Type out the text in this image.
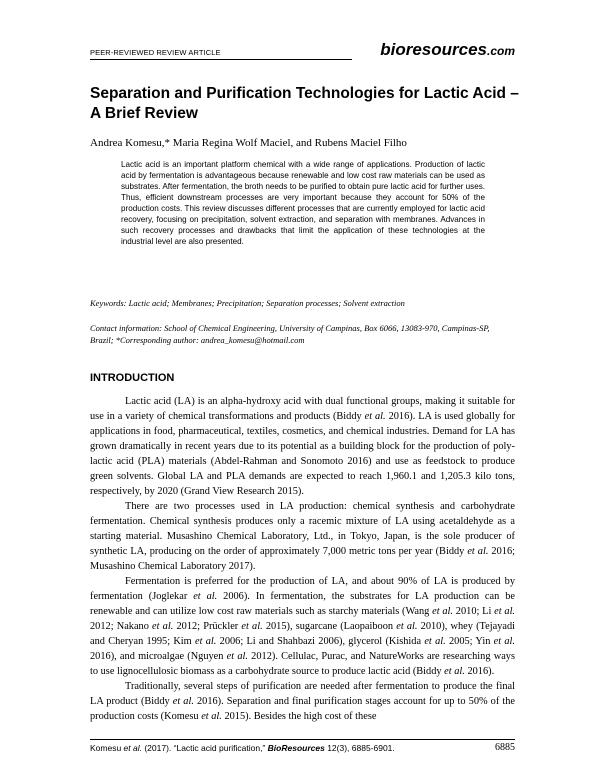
PEER-REVIEWED REVIEW ARTICLE	bioresources.com
Separation and Purification Technologies for Lactic Acid – A Brief Review

Andrea Komesu,* Maria Regina Wolf Maciel, and Rubens Maciel Filho

Lactic acid is an important platform chemical with a wide range of applications. Production of lactic acid by fermentation is advantageous because renewable and low cost raw materials can be used as substrates. After fermentation, the broth needs to be purified to obtain pure lactic acid for further uses. Thus, efficient downstream processes are very important because they account for 50% of the production costs. This review discusses different processes that are currently employed for lactic acid recovery, focusing on precipitation, solvent extraction, and separation with membranes. Advances in such recovery processes and drawbacks that limit the application of these technologies at the industrial level are also presented.

Keywords: Lactic acid; Membranes; Precipitation; Separation processes; Solvent extraction

Contact information: School of Chemical Engineering, University of Campinas, Box 6066, 13083-970, Campinas-SP, Brazil; *Corresponding author: andrea_komesu@hotmail.com

INTRODUCTION

Lactic acid (LA) is an alpha-hydroxy acid with dual functional groups, making it suitable for use in a variety of chemical transformations and products (Biddy et al. 2016). LA is used globally for applications in food, pharmaceutical, textiles, cosmetics, and chemical industries. Demand for LA has grown dramatically in recent years due to its potential as a building block for the production of poly-lactic acid (PLA) materials (Abdel-Rahman and Sonomoto 2016) and use as feedstock to produce green solvents. Global LA and PLA demands are expected to reach 1,960.1 and 1,205.3 kilo tons, respectively, by 2020 (Grand View Research 2015).

There are two processes used in LA production: chemical synthesis and carbohydrate fermentation. Chemical synthesis produces only a racemic mixture of LA using acetaldehyde as a starting material. Musashino Chemical Laboratory, Ltd., in Tokyo, Japan, is the sole producer of synthetic LA, producing on the order of approximately 7,000 metric tons per year (Biddy et al. 2016; Musashino Chemical Laboratory 2017).

Fermentation is preferred for the production of LA, and about 90% of LA is produced by fermentation (Joglekar et al. 2006). In fermentation, the substrates for LA production can be renewable and can utilize low cost raw materials such as starchy materials (Wang et al. 2010; Li et al. 2012; Nakano et al. 2012; Prückler et al. 2015), sugarcane (Laopaiboon et al. 2010), whey (Tejayadi and Cheryan 1995; Kim et al. 2006; Li and Shahbazi 2006), glycerol (Kishida et al. 2005; Yin et al. 2016), and microalgae (Nguyen et al. 2012). Cellulac, Purac, and NatureWorks are researching ways to use lignocellulosic biomass as a carbohydrate source to produce lactic acid (Biddy et al. 2016).

Traditionally, several steps of purification are needed after fermentation to produce the final LA product (Biddy et al. 2016). Separation and final purification stages account for up to 50% of the production costs (Komesu et al. 2015). Besides the high cost of these

Komesu et al. (2017). “Lactic acid purification,” BioResources 12(3), 6885-6901.	6885
